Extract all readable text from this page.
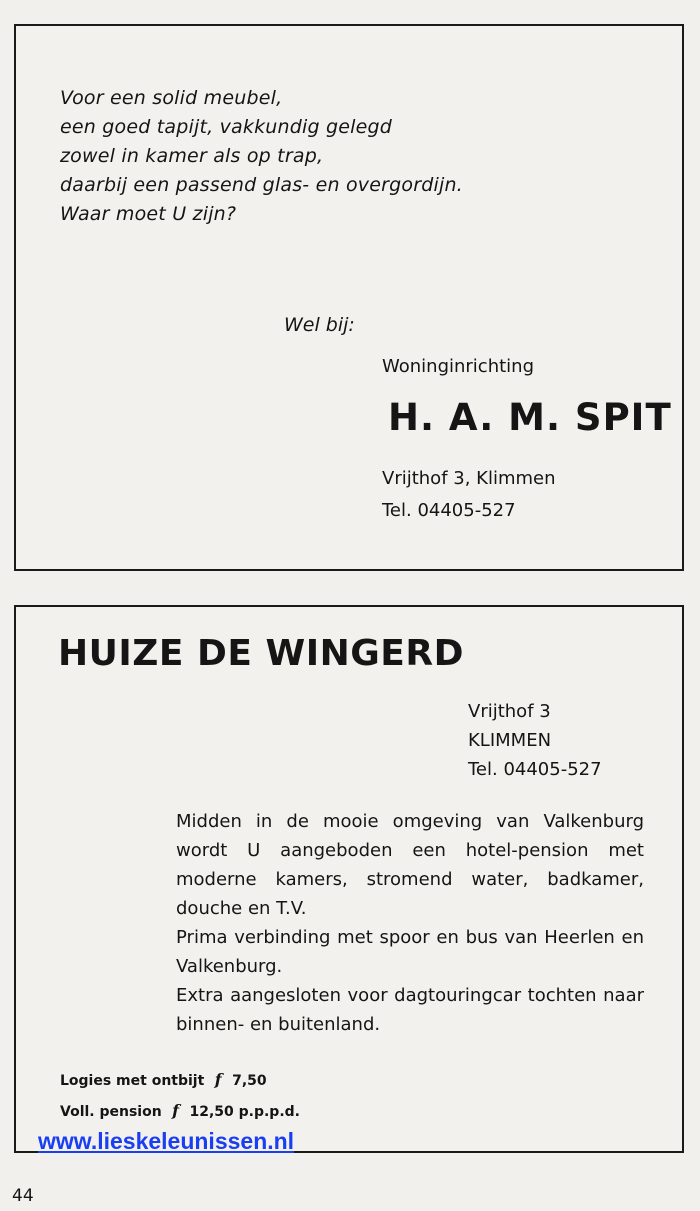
Voor een solid meubel,
een goed tapijt, vakkundig gelegd
zowel in kamer als op trap,
daarbij een passend glas- en overgordijn.
Waar moet U zijn?
Wel bij:
Woninginrichting
H. A. M. SPIT
Vrijthof 3, Klimmen
Tel. 04405-527
HUIZE DE WINGERD
Vrijthof 3
KLIMMEN
Tel. 04405-527

Midden in de mooie omgeving van Valkenburg wordt U aangeboden een hotel-pension met moderne kamers, stromend water, badkamer, douche en T.V.

Prima verbinding met spoor en bus van Heerlen en Valkenburg.

Extra aangesloten voor dagtouringcar tochten naar binnen- en buitenland.

Logies met ontbijt  f  7,50
Voll. pension  f  12,50 p.p.p.d.
www.lieskeleunissen.nl
44
